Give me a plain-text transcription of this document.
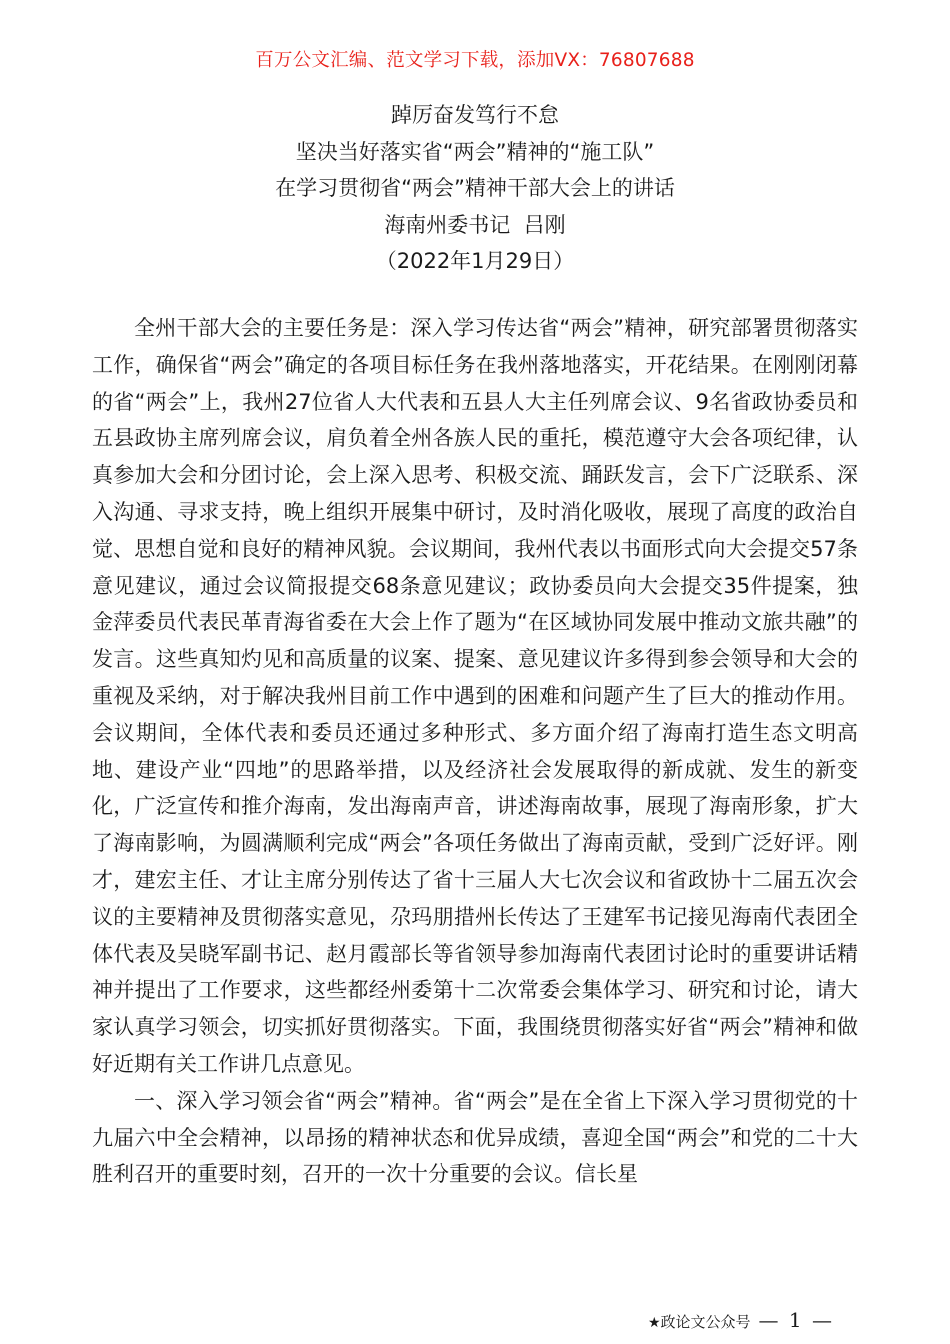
百万公文汇编、范文学习下载，添加VX：76807688
踔厉奋发笃行不怠
坚决当好落实省“两会”精神的“施工队”
在学习贯彻省“两会”精神干部大会上的讲话
海南州委书记  吕刚
（2022年1月29日）

全州干部大会的主要任务是：深入学习传达省“两会”精神，研究部署贯彻落实工作，确保省“两会”确定的各项目标任务在我州落地落实，开花结果。在刚刚闭幕的省“两会”上，我州27位省人大代表和五县人大主任列席会议、9名省政协委员和五县政协主席列席会议，肩负着全州各族人民的重托，模范遵守大会各项纪律，认真参加大会和分团讨论，会上深入思考、积极交流、踊跃发言，会下广泛联系、深入沟通、寻求支持，晚上组织开展集中研讨，及时消化吸收，展现了高度的政治自觉、思想自觉和良好的精神风貌。会议期间，我州代表以书面形式向大会提交57条意见建议，通过会议简报提交68条意见建议；政协委员向大会提交35件提案，独金萍委员代表民革青海省委在大会上作了题为“在区域协同发展中推动文旅共融”的发言。这些真知灼见和高质量的议案、提案、意见建议许多得到参会领导和大会的重视及采纳，对于解决我州目前工作中遇到的困难和问题产生了巨大的推动作用。会议期间，全体代表和委员还通过多种形式、多方面介绍了海南打造生态文明高地、建设产业“四地”的思路举措，以及经济社会发展取得的新成就、发生的新变化，广泛宣传和推介海南，发出海南声音，讲述海南故事，展现了海南形象，扩大了海南影响，为圆满顺利完成“两会”各项任务做出了海南贡献，受到广泛好评。刚才，建宏主任、才让主席分别传达了省十三届人大七次会议和省政协十二届五次会议的主要精神及贯彻落实意见，尕玛朋措州长传达了王建军书记接见海南代表团全体代表及吴晓军副书记、赵月霞部长等省领导参加海南代表团讨论时的重要讲话精神并提出了工作要求，这些都经州委第十二次常委会集体学习、研究和讨论，请大家认真学习领会，切实抓好贯彻落实。下面，我围绕贯彻落实好省“两会”精神和做好近期有关工作讲几点意见。

一、深入学习领会省“两会”精神。省“两会”是在全省上下深入学习贯彻党的十九届六中全会精神，以昂扬的精神状态和优异成绩，喜迎全国“两会”和党的二十大胜利召开的重要时刻，召开的一次十分重要的会议。信长星

★政论文公众号 — 1 —
